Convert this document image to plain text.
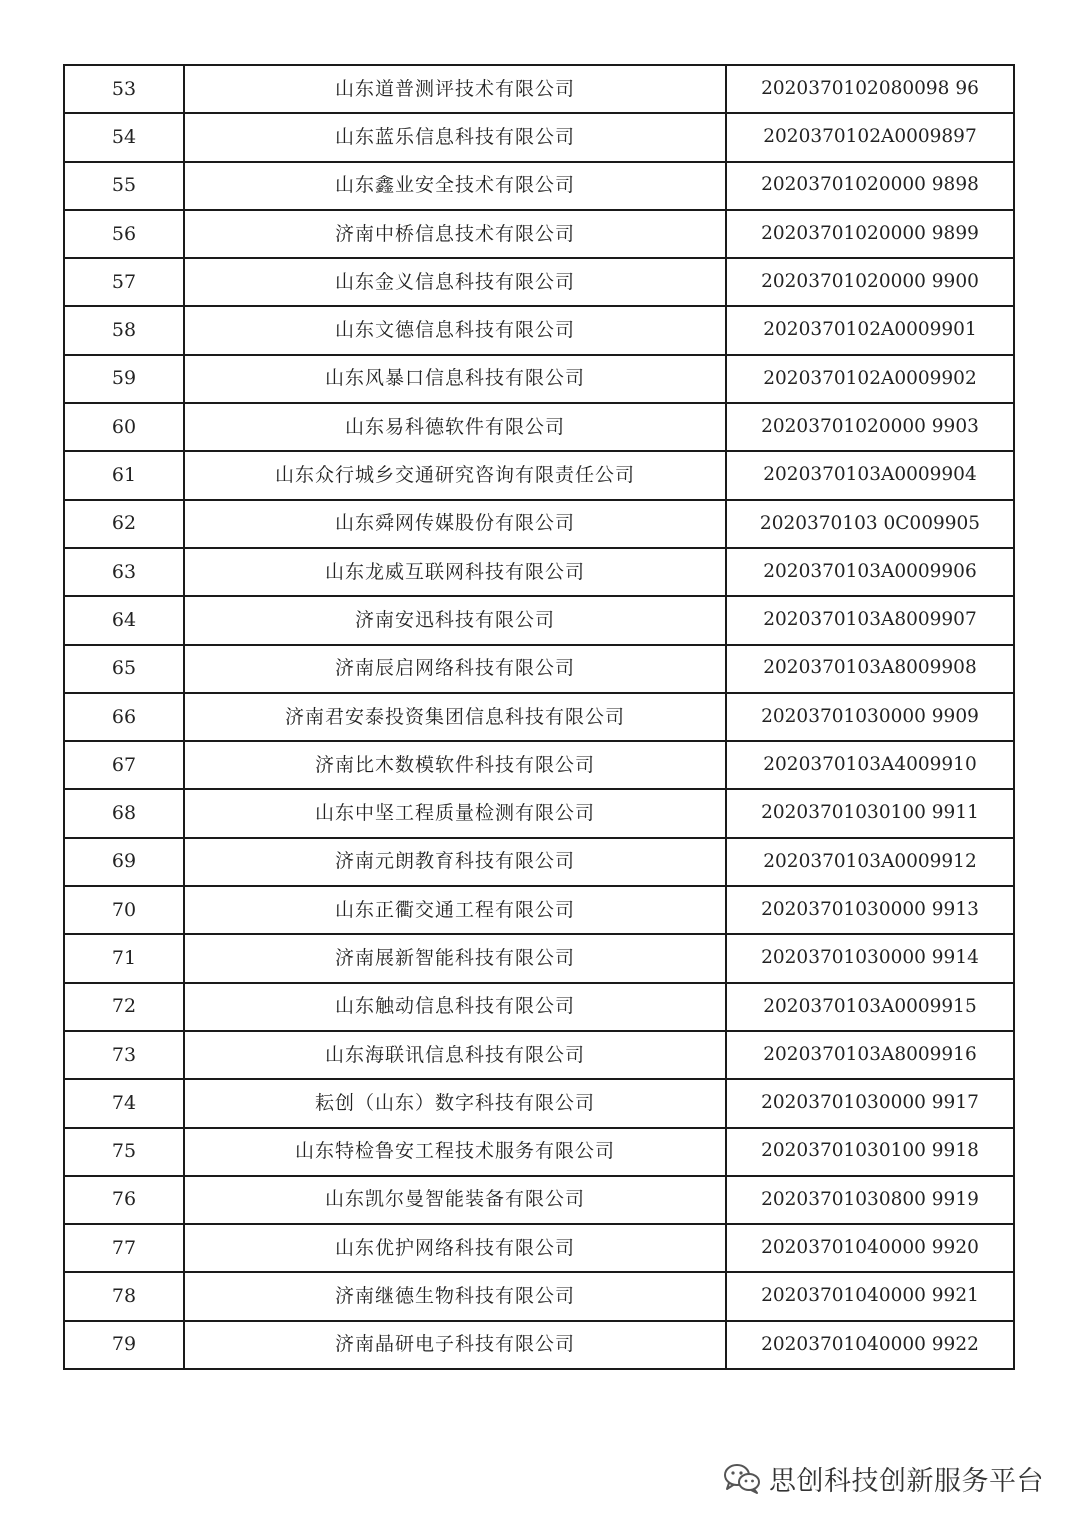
53	山东道普测评技术有限公司	2020370102080098 96
54	山东蓝乐信息科技有限公司	2020370102A0009897
55	山东鑫业安全技术有限公司	20203701020000 9898
56	济南中桥信息技术有限公司	20203701020000 9899
57	山东金义信息科技有限公司	20203701020000 9900
58	山东文德信息科技有限公司	2020370102A0009901
59	山东风暴口信息科技有限公司	2020370102A0009902
60	山东易科德软件有限公司	20203701020000 9903
61	山东众行城乡交通研究咨询有限责任公司	2020370103A0009904
62	山东舜网传媒股份有限公司	2020370103 0C009905
63	山东龙威互联网科技有限公司	2020370103A0009906
64	济南安迅科技有限公司	2020370103A8009907
65	济南辰启网络科技有限公司	2020370103A8009908
66	济南君安泰投资集团信息科技有限公司	20203701030000 9909
67	济南比木数模软件科技有限公司	2020370103A4009910
68	山东中坚工程质量检测有限公司	20203701030100 9911
69	济南元朗教育科技有限公司	2020370103A0009912
70	山东正衢交通工程有限公司	20203701030000 9913
71	济南展新智能科技有限公司	20203701030000 9914
72	山东触动信息科技有限公司	2020370103A0009915
73	山东海联讯信息科技有限公司	2020370103A8009916
74	耘创（山东）数字科技有限公司	20203701030000 9917
75	山东特检鲁安工程技术服务有限公司	20203701030100 9918
76	山东凯尔曼智能装备有限公司	20203701030800 9919
77	山东优护网络科技有限公司	20203701040000 9920
78	济南继德生物科技有限公司	20203701040000 9921
79	济南晶研电子科技有限公司	20203701040000 9922
思创科技创新服务平台
